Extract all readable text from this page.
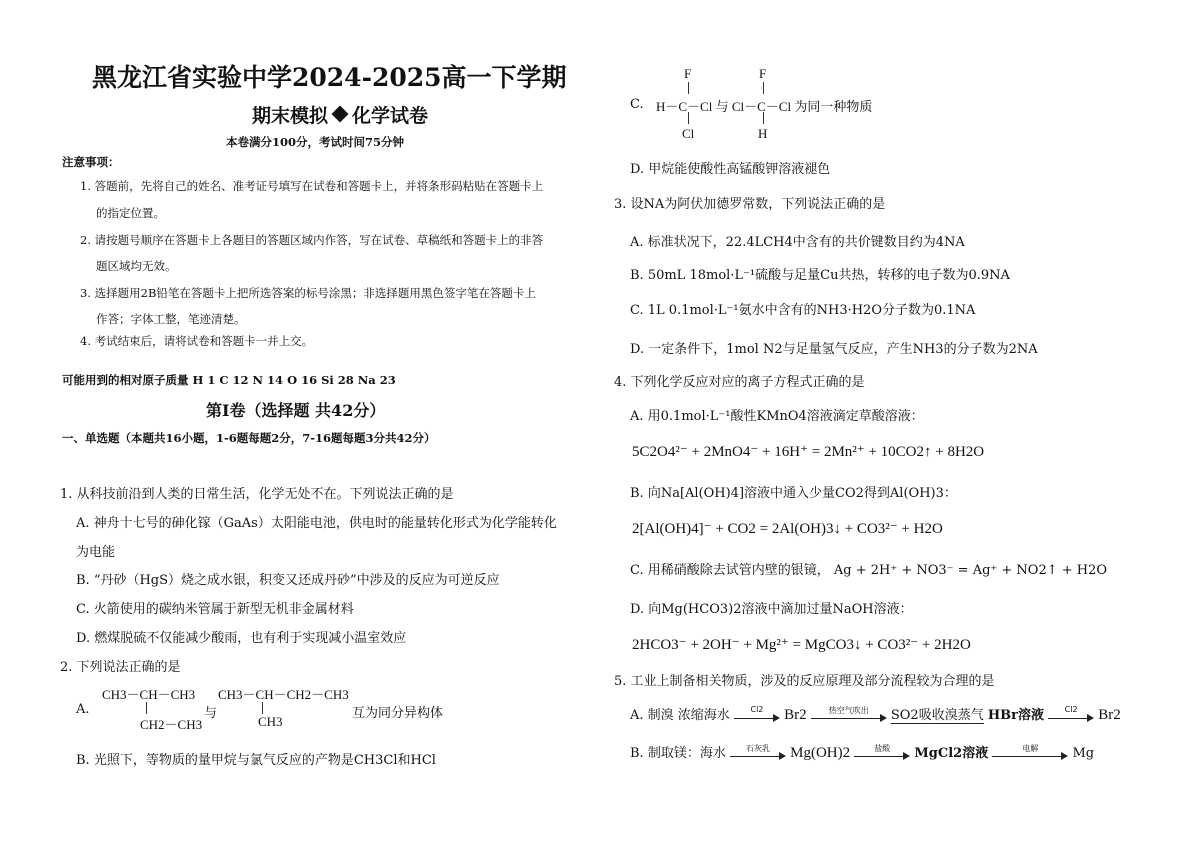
黑龙江省实验中学2024-2025高一下学期
期末模拟 化学试卷
本卷满分100分，考试时间75分钟
注意事项：
1. 答题前，先将自己的姓名、准考证号填写在试卷和答题卡上，并将条形码粘贴在答题卡上
的指定位置。
2. 请按题号顺序在答题卡上各题目的答题区域内作答，写在试卷、草稿纸和答题卡上的非答
题区域均无效。
3. 选择题用2B铅笔在答题卡上把所选答案的标号涂黑；非选择题用黑色签字笔在答题卡上
作答；字体工整，笔迹清楚。
4. 考试结束后，请将试卷和答题卡一并上交。
可能用到的相对原子质量 H 1 C 12 N 14 O 16 Si 28 Na 23
第Ⅰ卷（选择题 共42分）
一、单选题（本题共16小题，1-6题每题2分，7-16题每题3分共42分）
1. 从科技前沿到人类的日常生活，化学无处不在。下列说法正确的是
A. 神舟十七号的砷化镓（GaAs）太阳能电池，供电时的能量转化形式为化学能转化
为电能
B. “丹砂（HgS）烧之成水银，积变又还成丹砂”中涉及的反应为可逆反应
C. 火箭使用的碳纳米管属于新型无机非金属材料
D. 燃煤脱硫不仅能减少酸雨，也有利于实现减小温室效应
2. 下列说法正确的是
A.
CH3－CH－CH3
CH2－CH3
与
CH3－CH－CH2－CH3
CH3
互为同分异构体
B. 光照下，等物质的量甲烷与氯气反应的产物是CH3Cl和HCl
C.
F
H－C－Cl 与 Cl－C－Cl 为同一种物质
Cl
F
H
D. 甲烷能使酸性高锰酸钾溶液褪色
3. 设NA为阿伏加德罗常数，下列说法正确的是
A. 标准状况下，22.4LCH4中含有的共价键数目约为4NA
B. 50mL 18mol·L⁻¹硫酸与足量Cu共热，转移的电子数为0.9NA
C. 1L 0.1mol·L⁻¹氨水中含有的NH3·H2O分子数为0.1NA
D. 一定条件下，1mol N2与足量氢气反应，产生NH3的分子数为2NA
4. 下列化学反应对应的离子方程式正确的是
A. 用0.1mol·L⁻¹酸性KMnO4溶液滴定草酸溶液：
5C2O4²⁻ + 2MnO4⁻ + 16H⁺ = 2Mn²⁺ + 10CO2↑ + 8H2O
B. 向Na[Al(OH)4]溶液中通入少量CO2得到Al(OH)3：
2[Al(OH)4]⁻ + CO2 = 2Al(OH)3↓ + CO3²⁻ + H2O
C. 用稀硝酸除去试管内壁的银镜， Ag + 2H⁺ + NO3⁻ = Ag⁺ + NO2↑ + H2O
D. 向Mg(HCO3)2溶液中滴加过量NaOH溶液：
2HCO3⁻ + 2OH⁻ + Mg²⁺ = MgCO3↓ + CO3²⁻ + 2H2O
5. 工业上制备相关物质，涉及的反应原理及部分流程较为合理的是
A. 制溴 浓缩海水	Cl2	Br2	热空气吹出	SO2吸收溴蒸气 HBr溶液	Cl2	Br2
B. 制取镁：海水	石灰乳	Mg(OH)2	盐酸	MgCl2溶液	电解	Mg
